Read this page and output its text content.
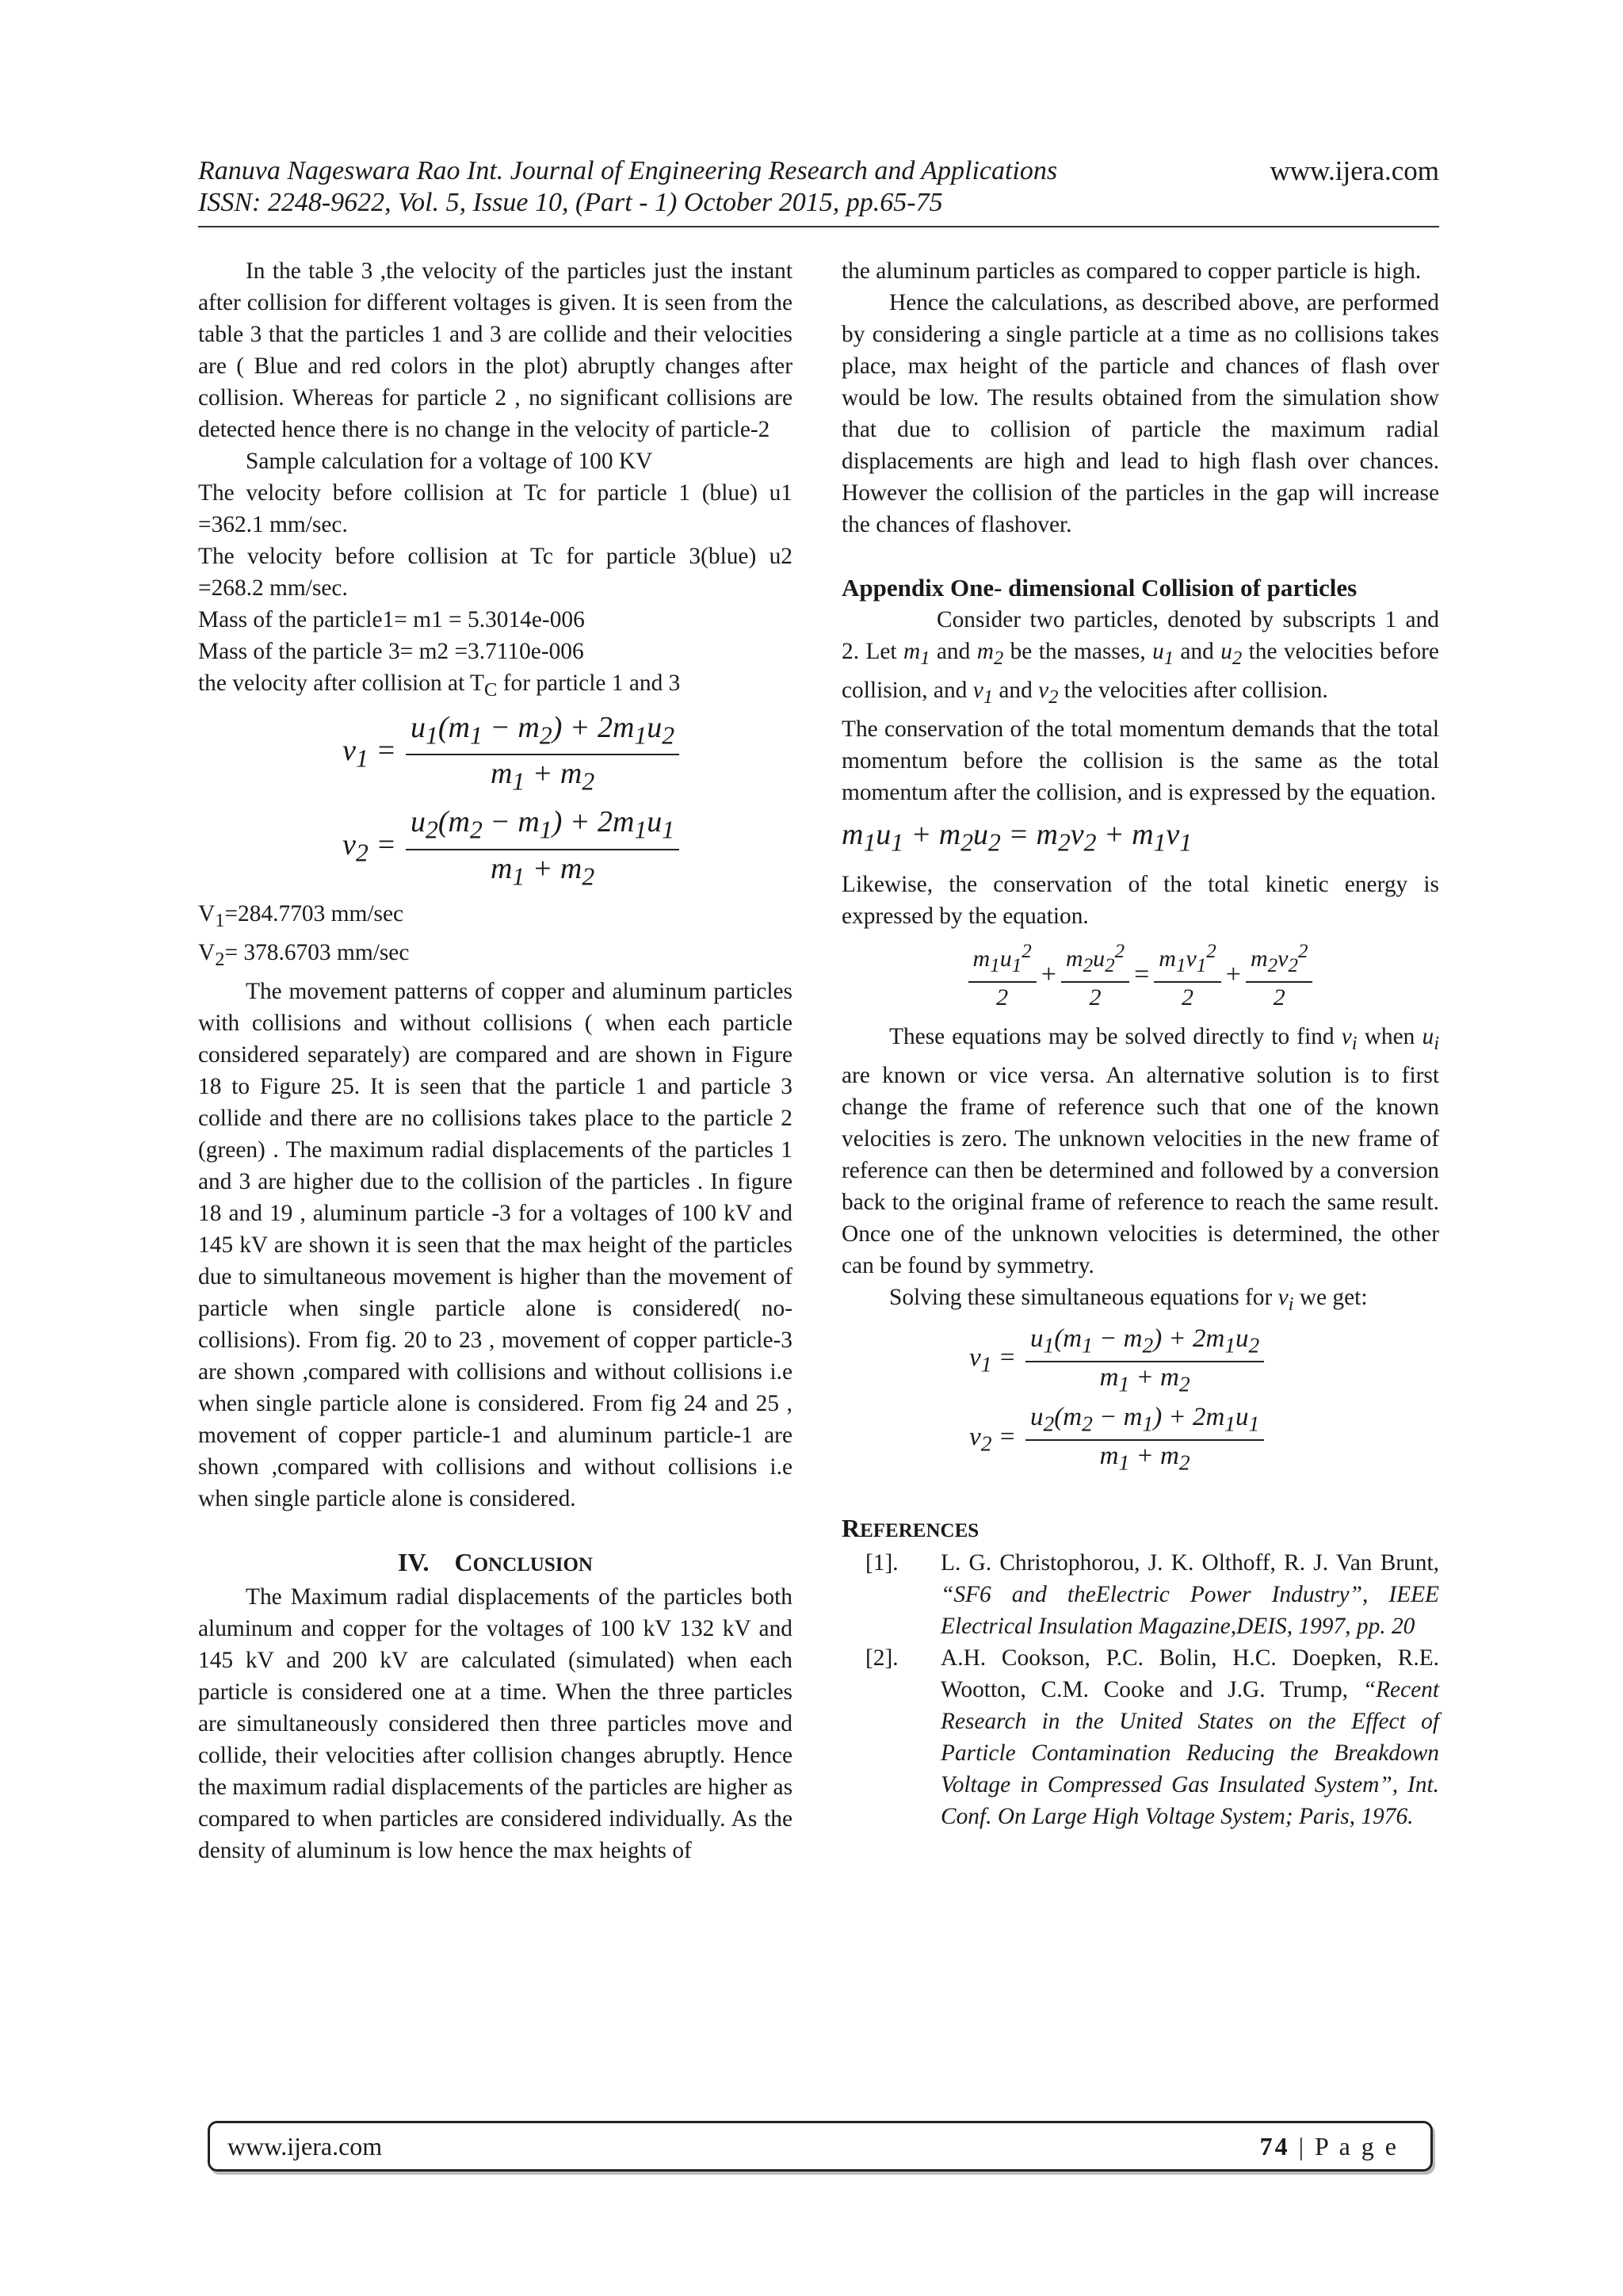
Ranuva Nageswara Rao Int. Journal of Engineering Research and Applications	www.ijera.com
ISSN: 2248-9622, Vol. 5, Issue 10, (Part - 1) October 2015, pp.65-75

In the table 3 ,the velocity of the particles just the instant after collision for different voltages is given. It is seen from the table 3 that the particles 1 and 3 are collide and their velocities are ( Blue and red colors in the plot) abruptly changes after collision. Whereas for particle 2 , no significant collisions are detected hence there is no change in the velocity of particle-2

Sample calculation for a voltage of 100 KV

The velocity before collision at Tc for particle 1 (blue) u1 =362.1 mm/sec.

The velocity before collision at Tc for particle 3(blue) u2 =268.2 mm/sec.

Mass of the particle1= m1 = 5.3014e-006

Mass of the particle 3= m2 =3.7110e-006

the velocity after collision at $T_C$ for particle 1 and 3

$v_1 = \frac{u_1(m_1 - m_2) + 2m_1u_2}{m_1 + m_2}$
$v_2 = \frac{u_2(m_2 - m_1) + 2m_1u_1}{m_1 + m_2}$

$V_1=284.7703$ mm/sec

$V_2= 378.6703$ mm/sec

The movement patterns of copper and aluminum particles with collisions and without collisions ( when each particle considered separately) are compared and are shown in Figure 18 to Figure 25. It is seen that the particle 1 and particle 3 collide and there are no collisions takes place to the particle 2 (green) . The maximum radial displacements of the particles 1 and 3 are higher due to the collision of the particles . In figure 18 and 19 , aluminum particle -3 for a voltages of 100 kV and 145 kV are shown it is seen that the max height of the particles due to simultaneous movement is higher than the movement of particle when single particle alone is considered( no-collisions). From fig. 20 to 23 , movement of copper particle-3 are shown ,compared with collisions and without collisions i.e when single particle alone is considered. From fig 24 and 25 , movement of copper particle-1 and aluminum particle-1 are shown ,compared with collisions and without collisions i.e when single particle alone is considered.

IV. CONCLUSION

The Maximum radial displacements of the particles both aluminum and copper for the voltages of 100 kV 132 kV and 145 kV and 200 kV are calculated (simulated) when each particle is considered one at a time. When the three particles are simultaneously considered then three particles move and collide, their velocities after collision changes abruptly. Hence the maximum radial displacements of the particles are higher as compared to when particles are considered individually. As the density of aluminum is low hence the max heights of

the aluminum particles as compared to copper particle is high.

Hence the calculations, as described above, are performed by considering a single particle at a time as no collisions takes place, max height of the particle and chances of flash over would be low. The results obtained from the simulation show that due to collision of particle the maximum radial displacements are high and lead to high flash over chances. However the collision of the particles in the gap will increase the chances of flashover.

Appendix One- dimensional Collision of particles

Consider two particles, denoted by subscripts 1 and 2. Let $m_1$ and $m_2$ be the masses, $u_1$ and $u_2$ the velocities before collision, and $v_1$ and $v_2$ the velocities after collision.

The conservation of the total momentum demands that the total momentum before the collision is the same as the total momentum after the collision, and is expressed by the equation.

$m_1u_1 + m_2u_2 = m_2v_2 + m_1v_1$

Likewise, the conservation of the total kinetic energy is expressed by the equation.

$\frac{m_1u_1^2}{2} + \frac{m_2u_2^2}{2} = \frac{m_1v_1^2}{2} + \frac{m_2v_2^2}{2}$

These equations may be solved directly to find $v_i$ when $u_i$ are known or vice versa. An alternative solution is to first change the frame of reference such that one of the known velocities is zero. The unknown velocities in the new frame of reference can then be determined and followed by a conversion back to the original frame of reference to reach the same result. Once one of the unknown velocities is determined, the other can be found by symmetry.

Solving these simultaneous equations for $v_i$ we get:

$v_1 = \frac{u_1(m_1 - m_2) + 2m_1u_2}{m_1 + m_2}$
$v_2 = \frac{u_2(m_2 - m_1) + 2m_1u_1}{m_1 + m_2}$

REFERENCES

[1].	L. G. Christophorou, J. K. Olthoff, R. J. Van Brunt, “SF6 and theElectric Power Industry”, IEEE Electrical Insulation Magazine,DEIS, 1997, pp. 20
[2].	A.H. Cookson, P.C. Bolin, H.C. Doepken, R.E. Wootton, C.M. Cooke and J.G. Trump, “Recent Research in the United States on the Effect of Particle Contamination Reducing the Breakdown Voltage in Compressed Gas Insulated System”, Int. Conf. On Large High Voltage System; Paris, 1976.
www.ijera.com	74 | P a g e
